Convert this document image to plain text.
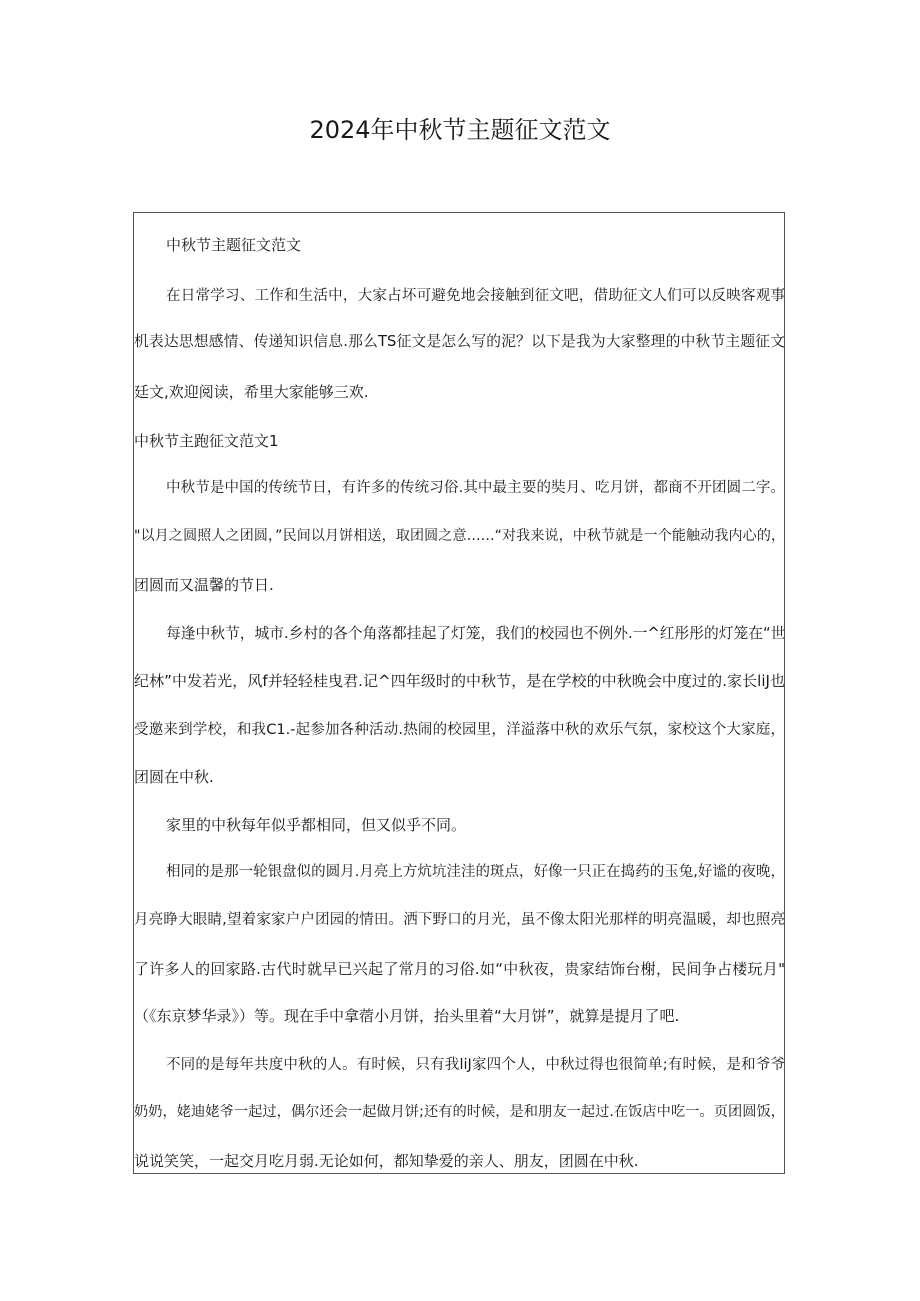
2024年中秋节主题征文范文
中秋节主题征文范文
在日常学习、工作和生活中，大家占坏可避免地会接触到征文吧，借助征文人们可以反映客观事
机表达思想感情、传递知识信息.那么TS征文是怎么写的泥？以下是我为大家整理的中秋节主题征文
廷文,欢迎阅读，希里大家能够三欢.
中秋节主跑征文范文1
中秋节是中国的传统节日，有许多的传统习俗.其中最主要的奘月、吃月饼，都商不开团圆二字。
"以月之圆照人之团圆，”民间以月饼相送，取团圆之意……“对我来说，中秋节就是一个能触动我内心的，
团圆而又温馨的节日.
每逢中秋节，城市.乡村的各个角落都挂起了灯笼，我们的校园也不例外.一^红彤彤的灯笼在“世
纪林”中发若光，风f并轻轻桂曳君.记^四年级时的中秋节，是在学校的中秋晚会中度过的.家长liJ也
受邀来到学校，和我C1.-起参加各种活动.热闹的校园里，洋溢落中秋的欢乐气氛，家校这个大家庭，
团圆在中秋.
家里的中秋每年似乎都相同，但又似乎不同。
相同的是那一轮银盘似的圆月.月亮上方炕坑洼洼的斑点，好像一只正在捣药的玉兔,好谧的夜晚，
月亮睁大眼睛,望着家家户户团园的情田。洒下野口的月光，虽不像太阳光那样的明亮温暖，却也照亮
了许多人的回家路.古代时就早已兴起了常月的习俗.如“中秋夜，贵家结饰台榭，民间争占楼玩月"
（《东京梦华录》）等。现在手中拿蓿小月饼，抬头里着“大月饼”，就算是提月了吧.
不同的是每年共度中秋的人。有时候，只有我liJ家四个人，中秋过得也很简单;有时候，是和爷爷
奶奶，姥迪姥爷一起过，偶尔还会一起做月饼;还有的时候，是和朋友一起过.在饭店中吃一。页团圆饭，
说说笑笑，一起交月吃月弱.无论如何，都知挚爱的亲人、朋友，团圆在中秋.
